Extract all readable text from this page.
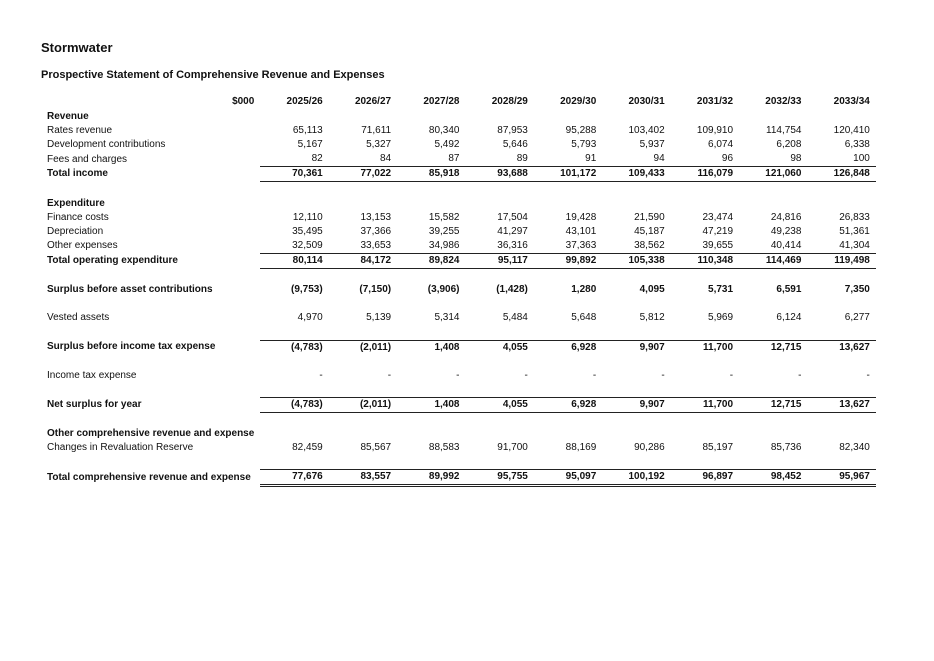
Stormwater
Prospective Statement of Comprehensive Revenue and Expenses
$000	2025/26	2026/27	2027/28	2028/29	2029/30	2030/31	2031/32	2032/33	2033/34
Revenue									
Rates revenue	65,113	71,611	80,340	87,953	95,288	103,402	109,910	114,754	120,410
Development contributions	5,167	5,327	5,492	5,646	5,793	5,937	6,074	6,208	6,338
Fees and charges	82	84	87	89	91	94	96	98	100
Total income	70,361	77,022	85,918	93,688	101,172	109,433	116,079	121,060	126,848

Expenditure									
Finance costs	12,110	13,153	15,582	17,504	19,428	21,590	23,474	24,816	26,833
Depreciation	35,495	37,366	39,255	41,297	43,101	45,187	47,219	49,238	51,361
Other expenses	32,509	33,653	34,986	36,316	37,363	38,562	39,655	40,414	41,304
Total operating expenditure	80,114	84,172	89,824	95,117	99,892	105,338	110,348	114,469	119,498

Surplus before asset contributions	(9,753)	(7,150)	(3,906)	(1,428)	1,280	4,095	5,731	6,591	7,350

Vested assets	4,970	5,139	5,314	5,484	5,648	5,812	5,969	6,124	6,277

Surplus before income tax expense	(4,783)	(2,011)	1,408	4,055	6,928	9,907	11,700	12,715	13,627

Income tax expense	-	-	-	-	-	-	-	-	-

Net surplus for year	(4,783)	(2,011)	1,408	4,055	6,928	9,907	11,700	12,715	13,627

Other comprehensive revenue and expense									
Changes in Revaluation Reserve	82,459	85,567	88,583	91,700	88,169	90,286	85,197	85,736	82,340

Total comprehensive revenue and expense	77,676	83,557	89,992	95,755	95,097	100,192	96,897	98,452	95,967
